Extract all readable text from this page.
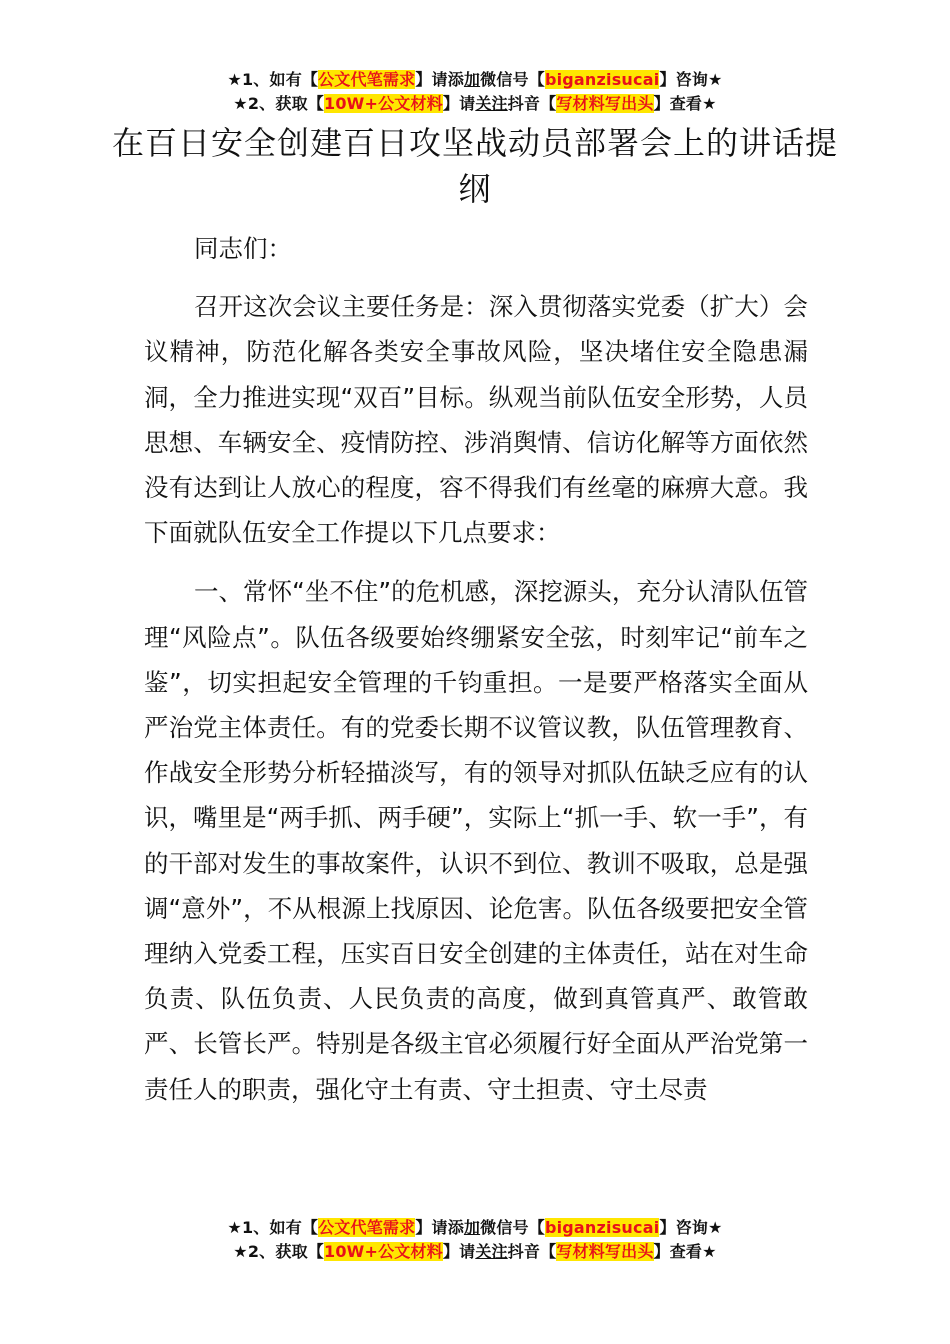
★1、如有【公文代笔需求】请添加微信号【biganzisucai】咨询★
★2、获取【10W+公文材料】请关注抖音【写材料写出头】查看★
在百日安全创建百日攻坚战动员部署会上的讲话提纲

同志们：

召开这次会议主要任务是：深入贯彻落实党委（扩大）会议精神，防范化解各类安全事故风险，坚决堵住安全隐患漏洞，全力推进实现“双百”目标。纵观当前队伍安全形势，人员思想、车辆安全、疫情防控、涉消舆情、信访化解等方面依然没有达到让人放心的程度，容不得我们有丝毫的麻痹大意。我下面就队伍安全工作提以下几点要求：

一、常怀“坐不住”的危机感，深挖源头，充分认清队伍管理“风险点”。队伍各级要始终绷紧安全弦，时刻牢记“前车之鉴”，切实担起安全管理的千钧重担。一是要严格落实全面从严治党主体责任。有的党委长期不议管议教，队伍管理教育、作战安全形势分析轻描淡写，有的领导对抓队伍缺乏应有的认识，嘴里是“两手抓、两手硬”，实际上“抓一手、软一手”，有的干部对发生的事故案件，认识不到位、教训不吸取，总是强调“意外”，不从根源上找原因、论危害。队伍各级要把安全管理纳入党委工程，压实百日安全创建的主体责任，站在对生命负责、队伍负责、人民负责的高度，做到真管真严、敢管敢严、长管长严。特别是各级主官必须履行好全面从严治党第一责任人的职责，强化守土有责、守土担责、守土尽责

★1、如有【公文代笔需求】请添加微信号【biganzisucai】咨询★
★2、获取【10W+公文材料】请关注抖音【写材料写出头】查看★
